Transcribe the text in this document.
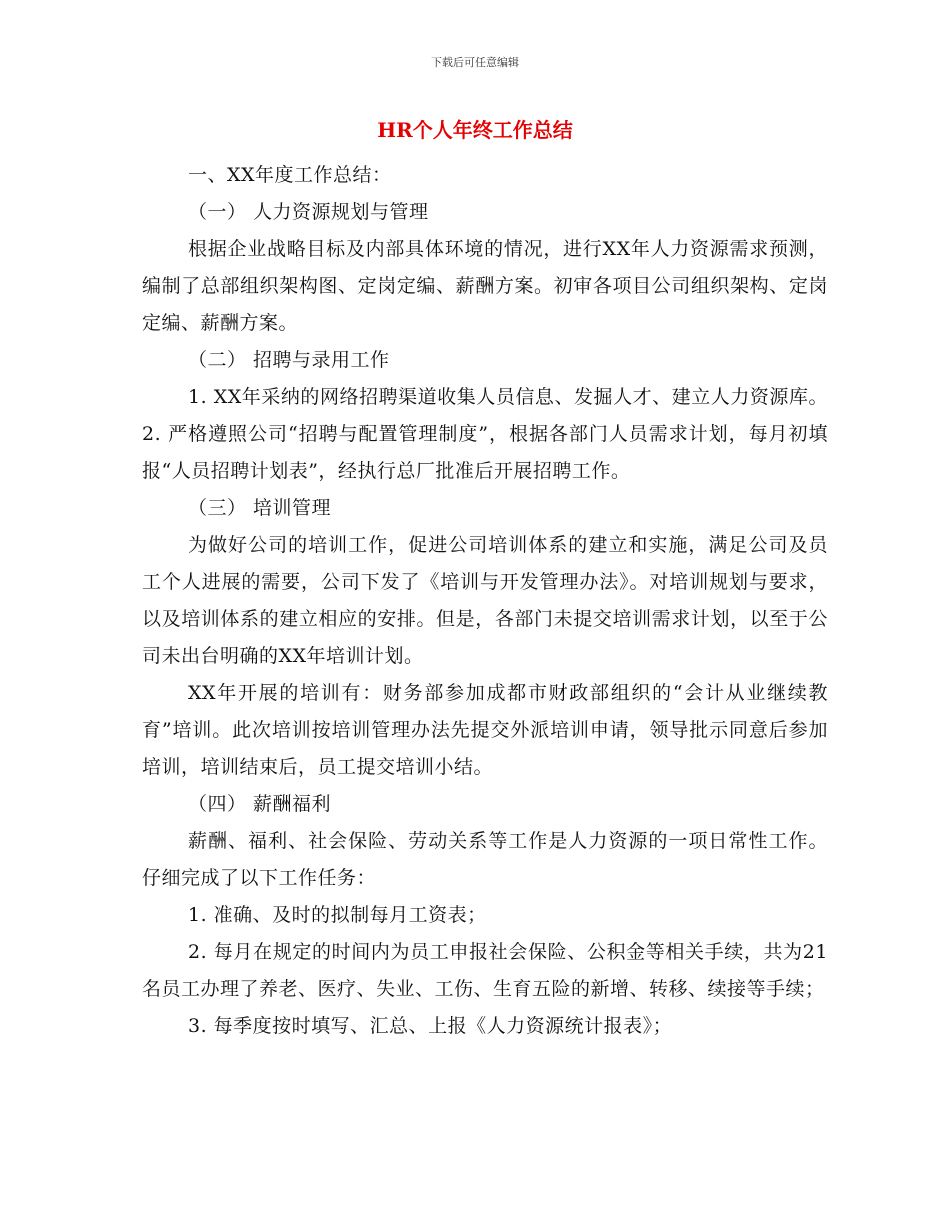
下载后可任意编辑
HR个人年终工作总结

一、XX年度工作总结：

（一） 人力资源规划与管理

根据企业战略目标及内部具体环境的情况，进行XX年人力资源需求预测，编制了总部组织架构图、定岗定编、薪酬方案。初审各项目公司组织架构、定岗定编、薪酬方案。

（二） 招聘与录用工作

1. XX年采纳的网络招聘渠道收集人员信息、发掘人才、建立人力资源库。2. 严格遵照公司“招聘与配置管理制度”，根据各部门人员需求计划，每月初填报“人员招聘计划表”，经执行总厂批准后开展招聘工作。

（三） 培训管理

为做好公司的培训工作，促进公司培训体系的建立和实施，满足公司及员工个人进展的需要，公司下发了《培训与开发管理办法》。对培训规划与要求，以及培训体系的建立相应的安排。但是，各部门未提交培训需求计划，以至于公司未出台明确的XX年培训计划。

XX年开展的培训有：财务部参加成都市财政部组织的“会计从业继续教育”培训。此次培训按培训管理办法先提交外派培训申请，领导批示同意后参加培训，培训结束后，员工提交培训小结。

（四） 薪酬福利

薪酬、福利、社会保险、劳动关系等工作是人力资源的一项日常性工作。仔细完成了以下工作任务：

1. 准确、及时的拟制每月工资表；

2. 每月在规定的时间内为员工申报社会保险、公积金等相关手续，共为21名员工办理了养老、医疗、失业、工伤、生育五险的新增、转移、续接等手续；

3. 每季度按时填写、汇总、上报《人力资源统计报表》；
